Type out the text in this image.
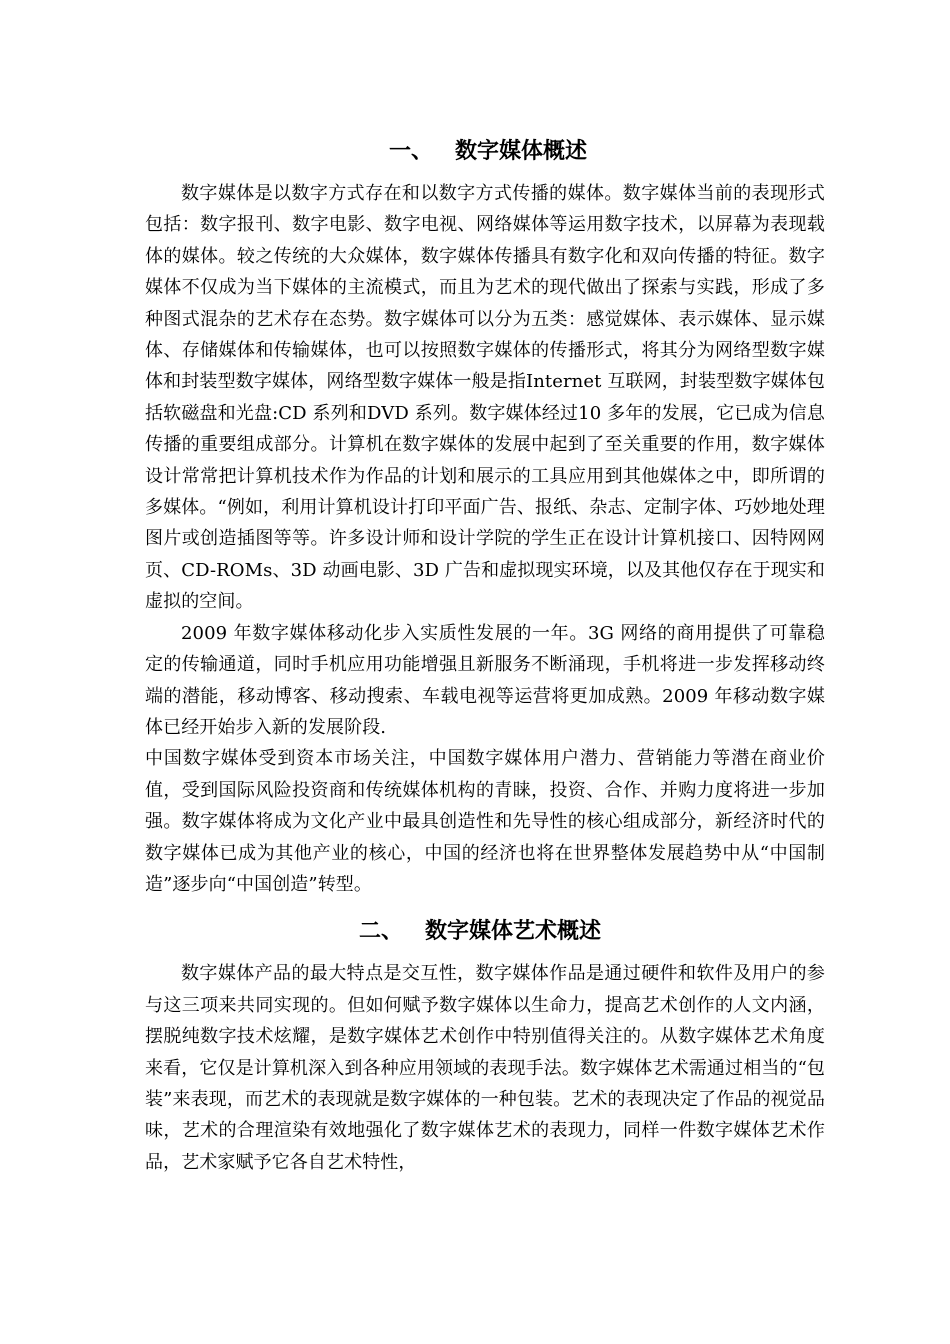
一、 数字媒体概述

数字媒体是以数字方式存在和以数字方式传播的媒体。数字媒体当前的表现形式包括：数字报刊、数字电影、数字电视、网络媒体等运用数字技术，以屏幕为表现载体的媒体。较之传统的大众媒体，数字媒体传播具有数字化和双向传播的特征。数字媒体不仅成为当下媒体的主流模式，而且为艺术的现代做出了探索与实践，形成了多种图式混杂的艺术存在态势。数字媒体可以分为五类：感觉媒体、表示媒体、显示媒体、存储媒体和传输媒体，也可以按照数字媒体的传播形式，将其分为网络型数字媒体和封装型数字媒体，网络型数字媒体一般是指Internet 互联网，封装型数字媒体包括软磁盘和光盘:CD 系列和DVD 系列。数字媒体经过10 多年的发展，它已成为信息传播的重要组成部分。计算机在数字媒体的发展中起到了至关重要的作用，数字媒体设计常常把计算机技术作为作品的计划和展示的工具应用到其他媒体之中，即所谓的多媒体。“例如，利用计算机设计打印平面广告、报纸、杂志、定制字体、巧妙地处理图片或创造插图等等。许多设计师和设计学院的学生正在设计计算机接口、因特网网页、CD-ROMs、3D 动画电影、3D 广告和虚拟现实环境，以及其他仅存在于现实和虚拟的空间。

2009 年数字媒体移动化步入实质性发展的一年。3G 网络的商用提供了可靠稳定的传输通道，同时手机应用功能增强且新服务不断涌现，手机将进一步发挥移动终端的潜能，移动博客、移动搜索、车载电视等运营将更加成熟。2009 年移动数字媒体已经开始步入新的发展阶段.

中国数字媒体受到资本市场关注，中国数字媒体用户潜力、营销能力等潜在商业价值，受到国际风险投资商和传统媒体机构的青睐，投资、合作、并购力度将进一步加强。数字媒体将成为文化产业中最具创造性和先导性的核心组成部分，新经济时代的数字媒体已成为其他产业的核心，中国的经济也将在世界整体发展趋势中从“中国制造”逐步向“中国创造”转型。

二、 数字媒体艺术概述

数字媒体产品的最大特点是交互性，数字媒体作品是通过硬件和软件及用户的参与这三项来共同实现的。但如何赋予数字媒体以生命力，提高艺术创作的人文内涵，摆脱纯数字技术炫耀，是数字媒体艺术创作中特别值得关注的。从数字媒体艺术角度来看，它仅是计算机深入到各种应用领域的表现手法。数字媒体艺术需通过相当的“包装”来表现，而艺术的表现就是数字媒体的一种包装。艺术的表现决定了作品的视觉品味，艺术的合理渲染有效地强化了数字媒体艺术的表现力，同样一件数字媒体艺术作品，艺术家赋予它各自艺术特性，
